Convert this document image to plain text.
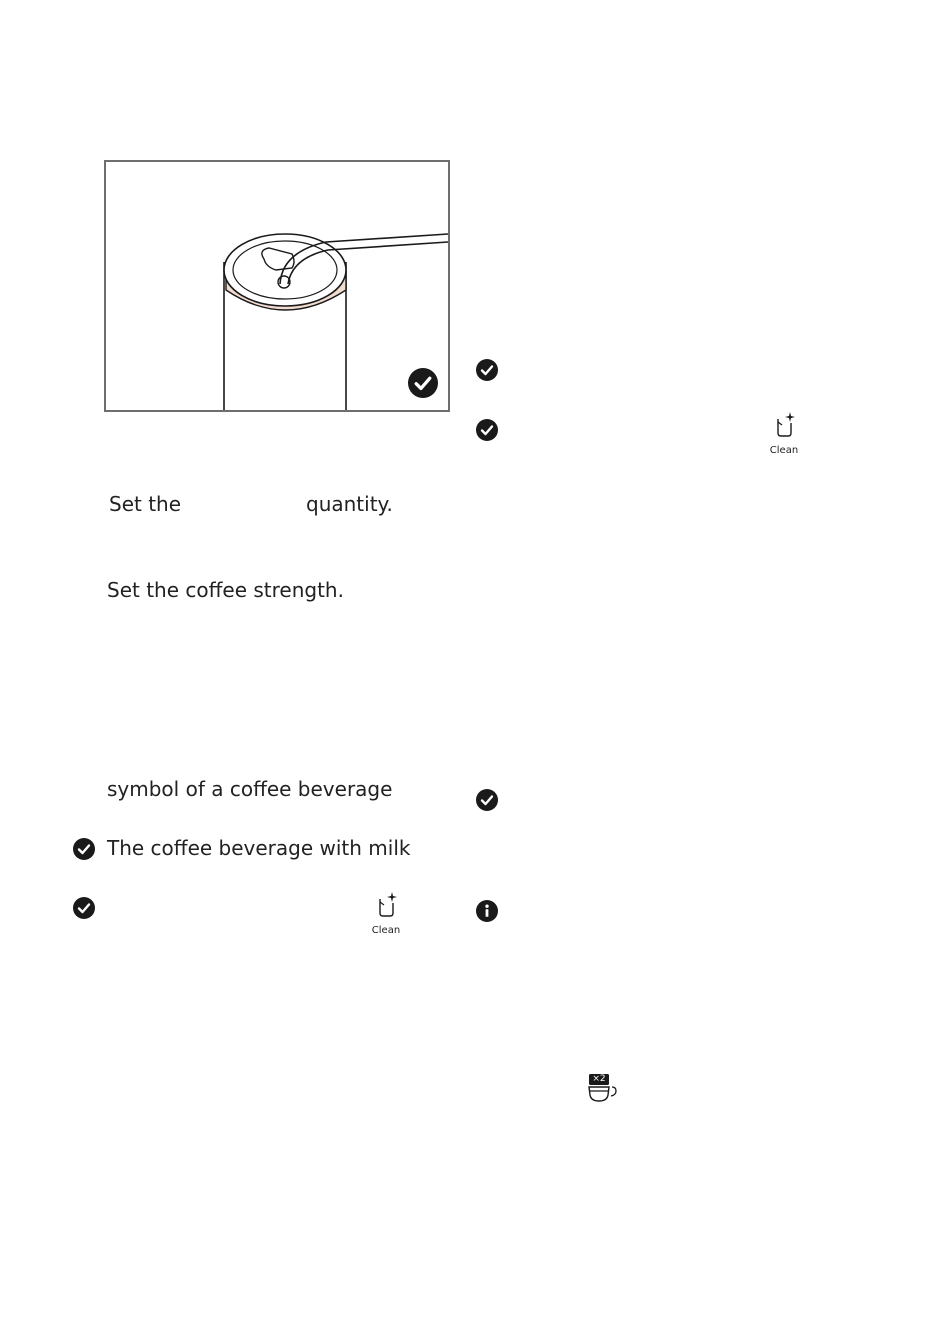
Set the	quantity.
Set the coffee strength.
symbol of a coffee beverage
The coffee beverage with milk
Clean
Clean
×2
